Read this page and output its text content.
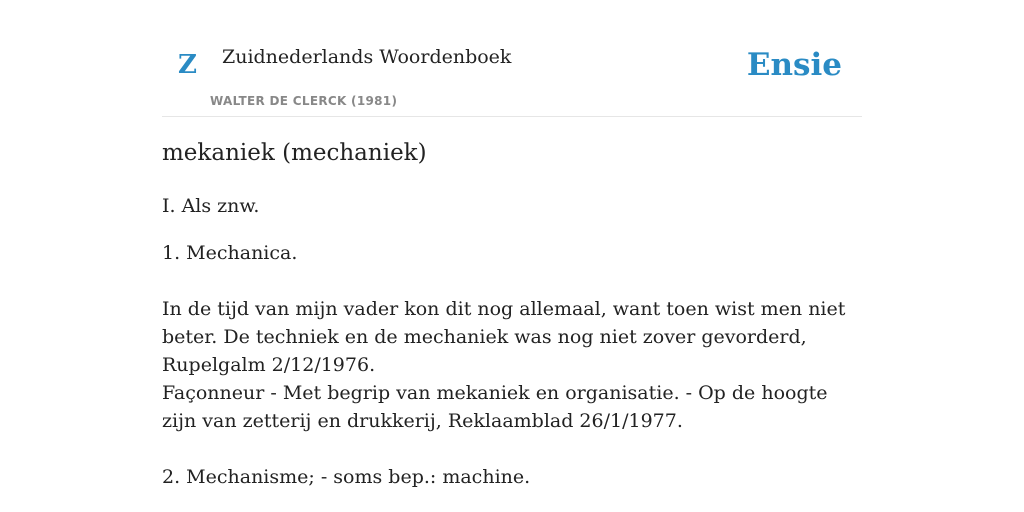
Z Zuidnederlands Woordenboek
WALTER DE CLERCK (1981)
Ensie
mekaniek (mechaniek)

I. Als znw.

1. Mechanica.

In de tijd van mijn vader kon dit nog allemaal, want toen wist men niet beter. De techniek en de mechaniek was nog niet zover gevorderd, Rupelgalm 2/12/1976.

Façonneur - Met begrip van mekaniek en organisatie. - Op de hoogte zijn van zetterij en drukkerij, Reklaamblad 26/1/1977.

2. Mechanisme; - soms bep.: machine.
